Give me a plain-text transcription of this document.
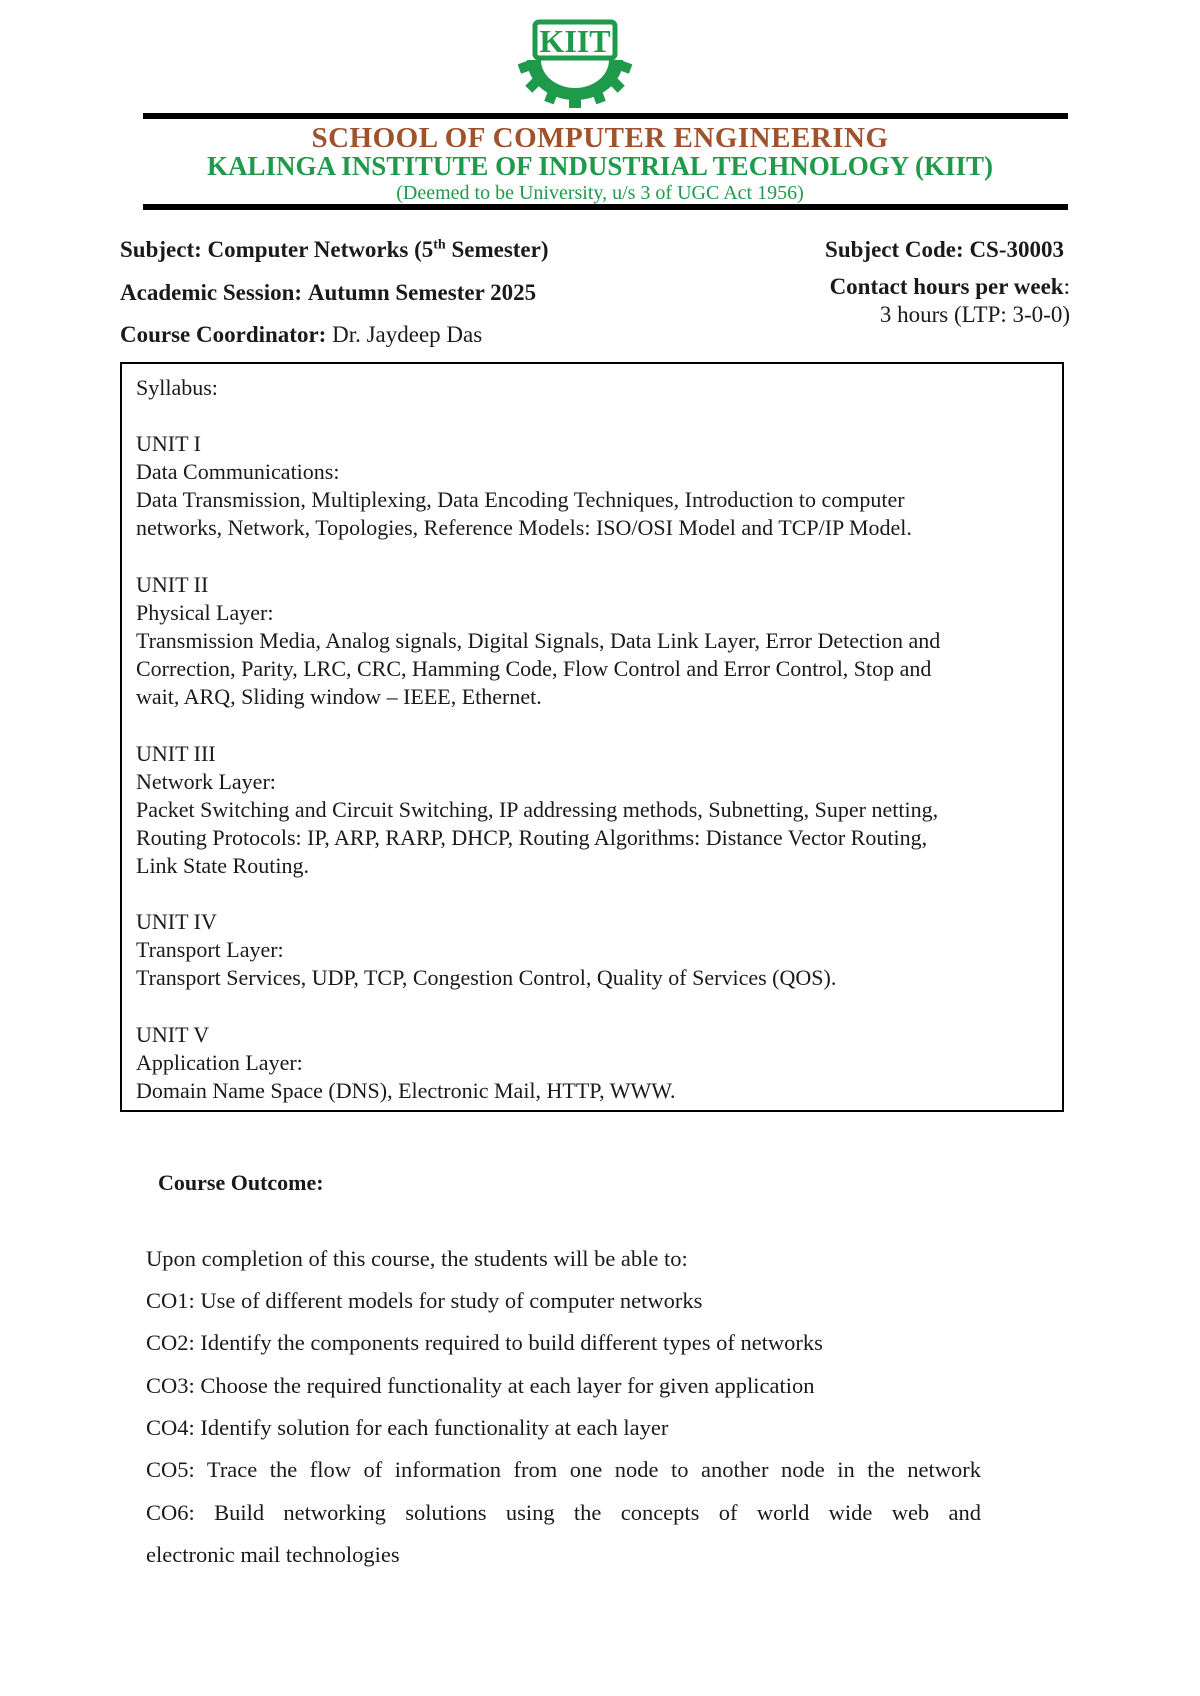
KIIT
SCHOOL OF COMPUTER ENGINEERING
KALINGA INSTITUTE OF INDUSTRIAL TECHNOLOGY (KIIT)
(Deemed to be University, u/s 3 of UGC Act 1956)
Subject: Computer Networks (5th Semester)
Academic Session: Autumn Semester 2025
Course Coordinator: Dr. Jaydeep Das
Subject Code: CS-30003
Contact hours per week:
3 hours (LTP: 3-0-0)
Syllabus:
UNIT I
Data Communications:
Data Transmission, Multiplexing, Data Encoding Techniques, Introduction to computer
networks, Network, Topologies, Reference Models: ISO/OSI Model and TCP/IP Model.
UNIT II
Physical Layer:
Transmission Media, Analog signals, Digital Signals, Data Link Layer, Error Detection and
Correction, Parity, LRC, CRC, Hamming Code, Flow Control and Error Control, Stop and
wait, ARQ, Sliding window – IEEE, Ethernet.
UNIT III
Network Layer:
Packet Switching and Circuit Switching, IP addressing methods, Subnetting, Super netting,
Routing Protocols: IP, ARP, RARP, DHCP, Routing Algorithms: Distance Vector Routing,
Link State Routing.
UNIT IV
Transport Layer:
Transport Services, UDP, TCP, Congestion Control, Quality of Services (QOS).
UNIT V
Application Layer:
Domain Name Space (DNS), Electronic Mail, HTTP, WWW.
Course Outcome:
Upon completion of this course, the students will be able to:
CO1: Use of different models for study of computer networks
CO2: Identify the components required to build different types of networks
CO3: Choose the required functionality at each layer for given application
CO4: Identify solution for each functionality at each layer
CO5: Trace the flow of information from one node to another node in the network
CO6: Build networking solutions using the concepts of world wide web and
electronic mail technologies
